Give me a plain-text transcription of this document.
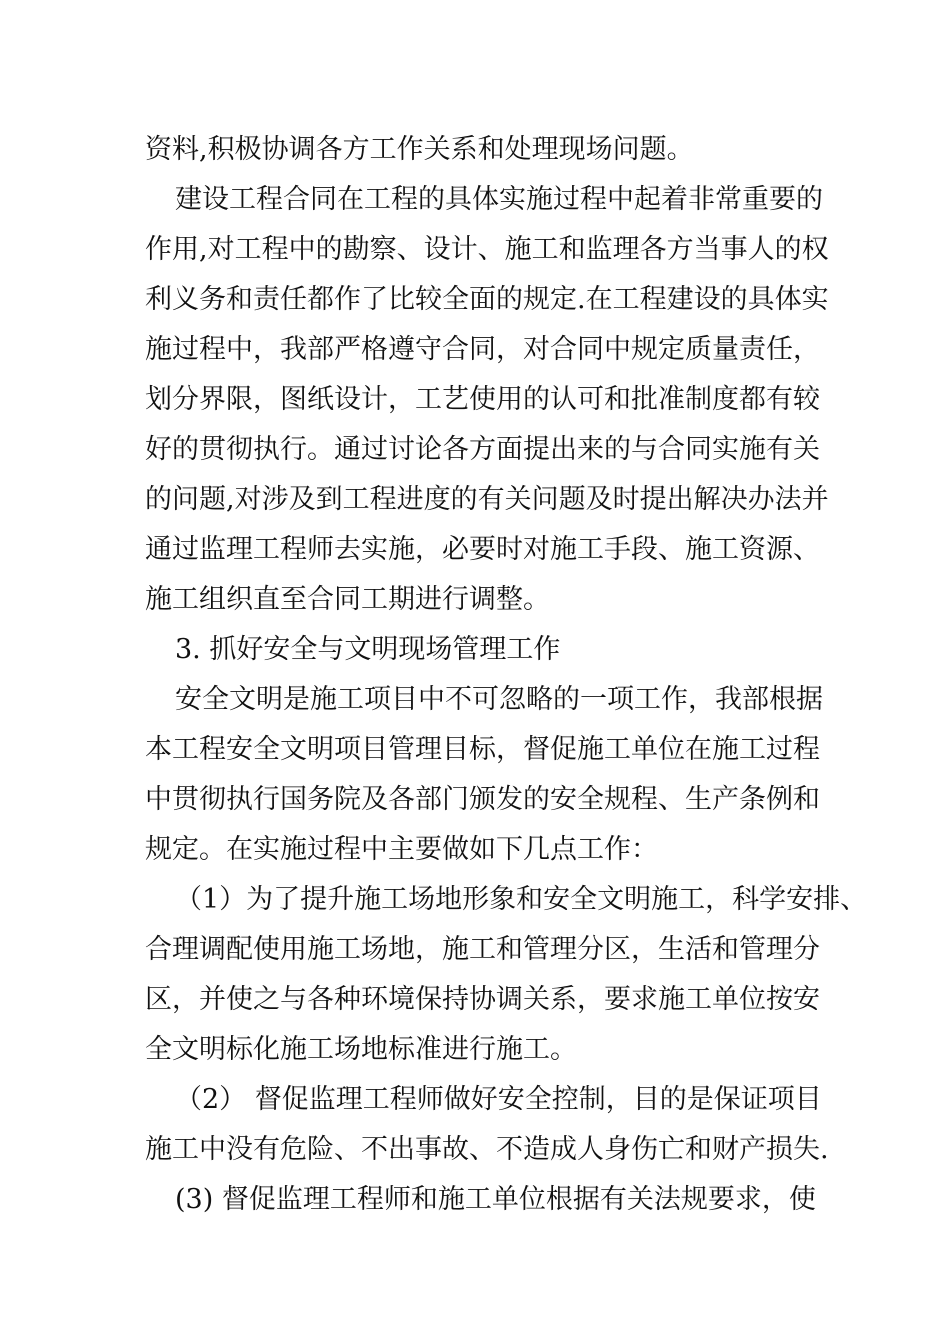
资料,积极协调各方工作关系和处理现场问题。
建设工程合同在工程的具体实施过程中起着非常重要的
作用,对工程中的勘察、设计、施工和监理各方当事人的权
利义务和责任都作了比较全面的规定.在工程建设的具体实
施过程中，我部严格遵守合同，对合同中规定质量责任，
划分界限，图纸设计，工艺使用的认可和批准制度都有较
好的贯彻执行。通过讨论各方面提出来的与合同实施有关
的问题,对涉及到工程进度的有关问题及时提出解决办法并
通过监理工程师去实施，必要时对施工手段、施工资源、
施工组织直至合同工期进行调整。
3. 抓好安全与文明现场管理工作
安全文明是施工项目中不可忽略的一项工作，我部根据
本工程安全文明项目管理目标，督促施工单位在施工过程
中贯彻执行国务院及各部门颁发的安全规程、生产条例和
规定。在实施过程中主要做如下几点工作：
（1）为了提升施工场地形象和安全文明施工，科学安排、
合理调配使用施工场地，施工和管理分区，生活和管理分
区，并使之与各种环境保持协调关系，要求施工单位按安
全文明标化施工场地标准进行施工。
（2） 督促监理工程师做好安全控制，目的是保证项目
施工中没有危险、不出事故、不造成人身伤亡和财产损失.
(3) 督促监理工程师和施工单位根据有关法规要求，使
